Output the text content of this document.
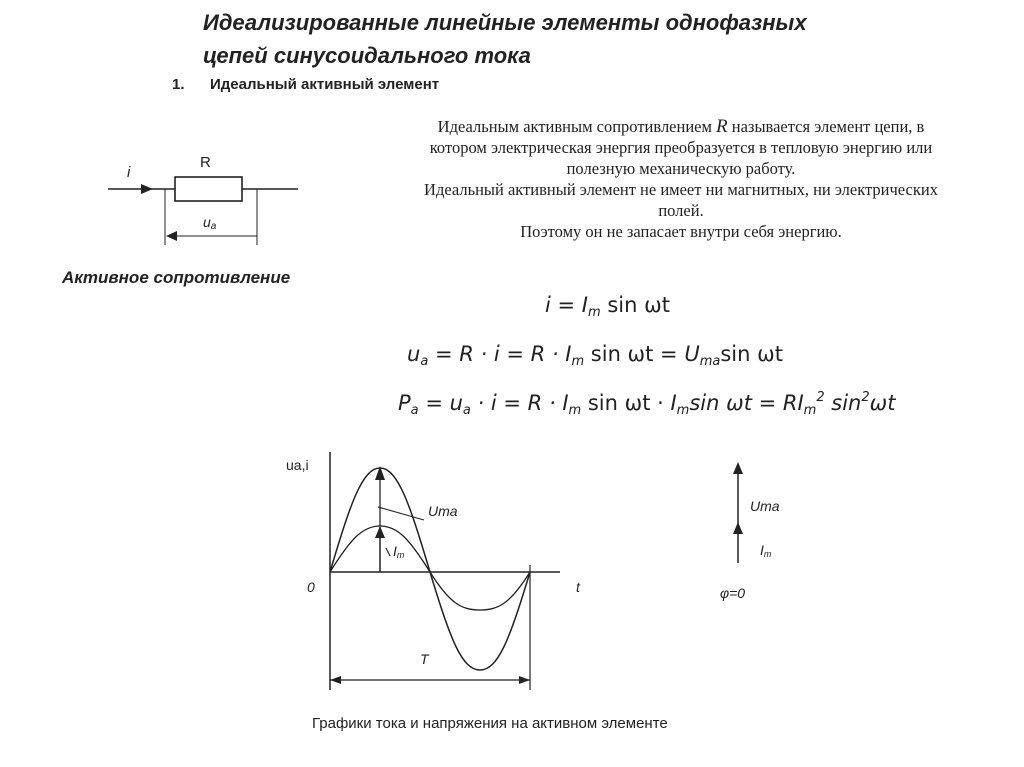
Идеализированные линейные элементы однофазных
цепей синусоидального тока
1. Идеальный активный элемент

Идеальным активным сопротивлением R называется элемент цепи, в

котором электрическая энергия преобразуется в тепловую энергию или

полезную механическую работу.

Идеальный активный элемент не имеет ни магнитных, ни электрических

полей.

Поэтому он не запасает внутри себя энергию.

i
R
ua
Активное сопротивление
$i = I_m$ sin ωt
$u_a = R \cdot i = R \cdot I_m$ $\sin \omega t = U_{ma}\sin$ ωt
$P_a = u_a \cdot i = R \cdot I_m$ $\sin \omega t \cdot I_m\sin$ $\omega t = RI_m^2$ $\sin^2\omega t$
uа,i
0	t
T
Uma
Im
Uma
Im
φ=0
Графики тока и напряжения на активном элементе
